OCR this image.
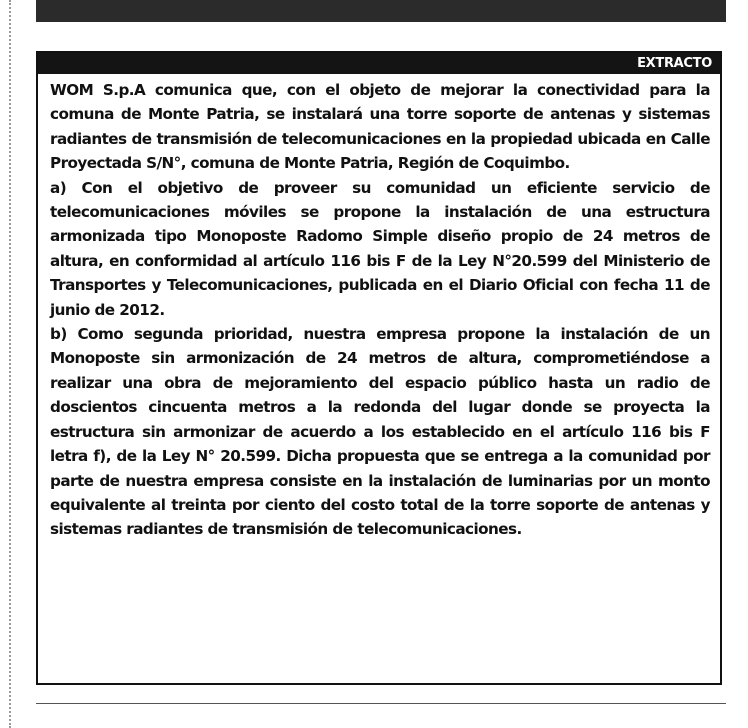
EXTRACTO

WOM S.p.A comunica que, con el objeto de mejorar la conectividad para la comuna de Monte Patria, se instalará una torre soporte de antenas y sistemas radiantes de transmisión de telecomunicaciones en la propiedad ubicada en Calle Proyectada S/N°, comuna de Monte Patria, Región de Coquimbo.

a) Con el objetivo de proveer su comunidad un eficiente servicio de telecomunicaciones móviles se propone la instalación de una estructura armonizada tipo Monoposte Radomo Simple diseño propio de 24 metros de altura, en conformidad al artículo 116 bis F de la Ley N°20.599 del Ministerio de Transportes y Telecomunicaciones, publicada en el Diario Oficial con fecha 11 de junio de 2012.

b) Como segunda prioridad, nuestra empresa propone la instalación de un Monoposte sin armonización de 24 metros de altura, comprometiéndose a realizar una obra de mejoramiento del espacio público hasta un radio de doscientos cincuenta metros a la redonda del lugar donde se proyecta la estructura sin armonizar de acuerdo a los establecido en el artículo 116 bis F letra f), de la Ley N° 20.599. Dicha propuesta que se entrega a la comunidad por parte de nuestra empresa consiste en la instalación de luminarias por un monto equivalente al treinta por ciento del costo total de la torre soporte de antenas y sistemas radiantes de transmisión de telecomunicaciones.
